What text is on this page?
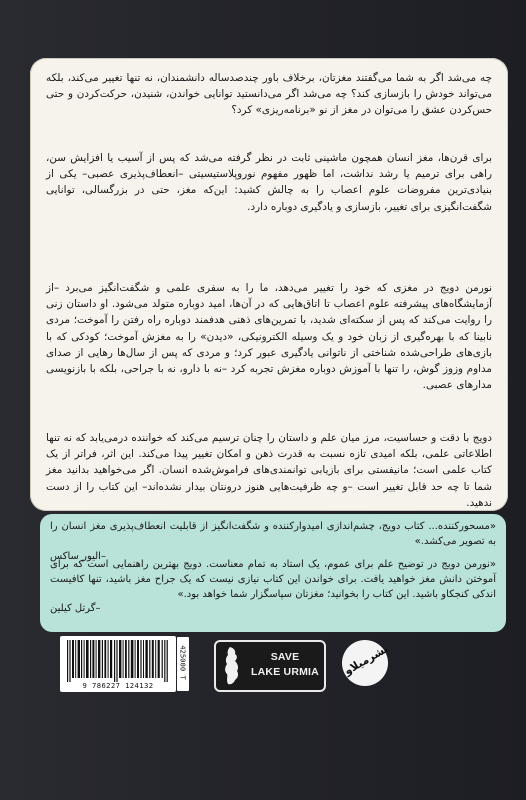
چه می‌شد اگر به شما می‌گفتند مغزتان، برخلاف باور چندصدساله دانشمندان، نه تنها تغییر می‌کند، بلکه می‌تواند خودش را بازسازی کند؟ چه می‌شد اگر می‌دانستید توانایی خواندن، شنیدن، حرکت‌کردن و حتی حس‌کردن عشق را می‌توان در مغز از نو «برنامه‌ریزی» کرد؟

برای قرن‌ها، مغز انسان همچون ماشینی ثابت در نظر گرفته می‌شد که پس از آسیب یا افزایش سن، راهی برای ترمیم یا رشد نداشت، اما ظهور مفهوم نوروپلاستیسیتی –انعطاف‌پذیری عصبی– یکی از بنیادی‌ترین مفروضات علوم اعصاب را به چالش کشید: این‌که مغز، حتی در بزرگسالی، توانایی شگفت‌انگیزی برای تغییر، بازسازی و یادگیری دوباره دارد.

نورمن دویج در مغزی که خود را تغییر می‌دهد، ما را به سفری علمی و شگفت‌انگیز می‌برد –از آزمایشگاه‌های پیشرفته علوم اعصاب تا اتاق‌هایی که در آن‌ها، امید دوباره متولد می‌شود. او داستان زنی را روایت می‌کند که پس از سکته‌ای شدید، با تمرین‌های ذهنی هدفمند دوباره راه رفتن را آموخت؛ مردی نابینا که با بهره‌گیری از زبان خود و یک وسیله الکترونیکی، «دیدن» را به مغزش آموخت؛ کودکی که با بازی‌های طراحی‌شده شناختی از ناتوانی یادگیری عبور کرد؛ و مردی که پس از سال‌ها رهایی از صدای مداوم وزوز گوش، را تنها با آموزش دوباره مغزش تجربه کرد –نه با دارو، نه با جراحی، بلکه با بازنویسی مدارهای عصبی.

دویج با دقت و حساسیت، مرز میان علم و داستان را چنان ترسیم می‌کند که خواننده درمی‌یابد که نه تنها اطلاعاتی علمی، بلکه امیدی تازه نسبت به قدرت ذهن و امکان تغییر پیدا می‌کند. این اثر، فراتر از یک کتاب علمی است؛ مانیفستی برای بازیابی توانمندی‌های فراموش‌شده انسان. اگر می‌خواهید بدانید مغز شما تا چه حد قابل تغییر است –و چه ظرفیت‌هایی هنوز درونتان بیدار نشده‌اند– این کتاب را از دست ندهید.

«مسحورکننده... کتاب دویج، چشم‌اندازی امیدوارکننده و شگفت‌انگیز از قابلیت انعطاف‌پذیری مغز انسان را به تصویر می‌کشد.»
–الیور ساکس

«نورمن دویج در توضیح علم برای عموم، یک استاد به تمام معناست. دویج بهترین راهنمایی است که برای آموختن دانش مغز خواهید یافت. برای خواندن این کتاب نیازی نیست که یک جراح مغز باشید، تنها کافیست اندکی کنجکاو باشید. این کتاب را بخوانید؛ مغزتان سپاسگزار شما خواهد بود.»
–گرتل کیلین

9 786227 124132
425000 T	SAVE
LAKE URMIA نشرمیلاو
